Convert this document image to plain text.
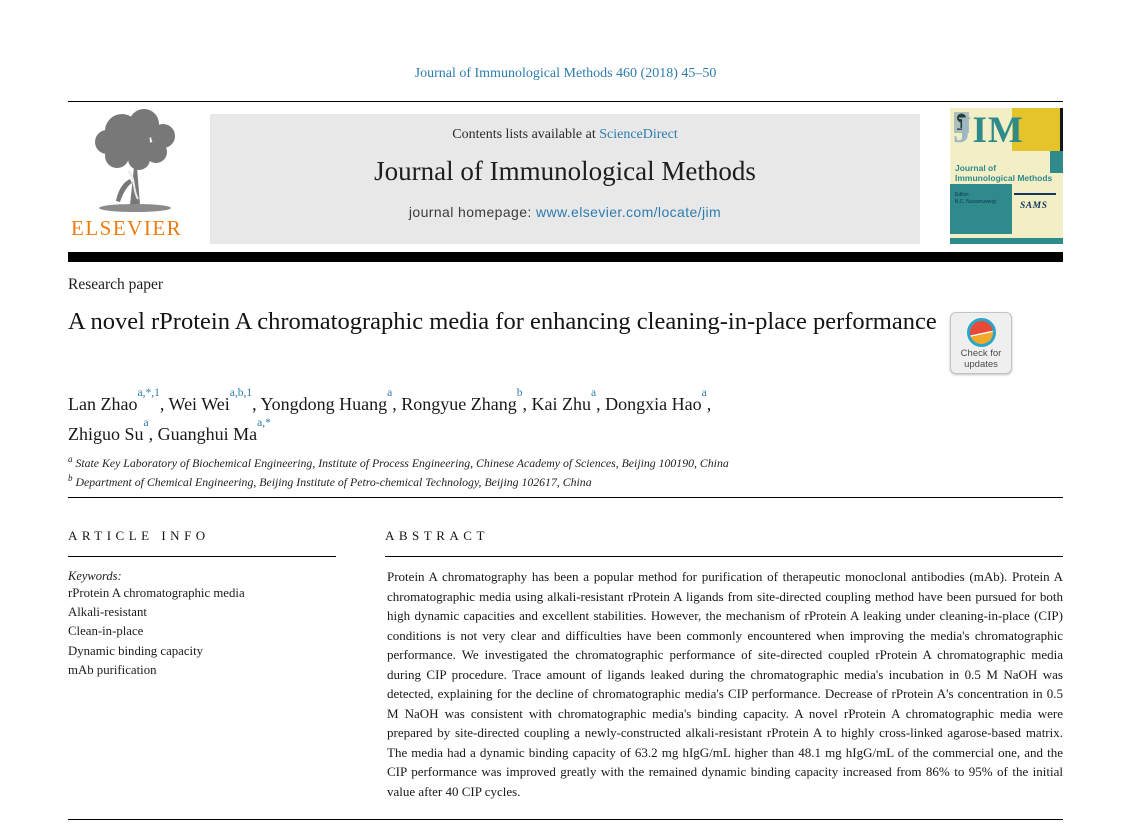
Journal of Immunological Methods 460 (2018) 45–50
ELSEVIER
Contents lists available at ScienceDirect
Journal of Immunological Methods
journal homepage: www.elsevier.com/locate/jim
JIM
Journal of
Immunological Methods
Editor:
B.C. Nussenzweig	SAMS
Research paper
A novel rProtein A chromatographic media for enhancing cleaning-in-place performance
Check for
updates
Lan Zhao$^{a,*,1}$, Wei Wei$^{a,b,1}$, Yongdong Huang$^a$, Rongyue Zhang$^b$, Kai Zhu$^a$, Dongxia Hao$^a$,
Zhiguo Su$^a$, Guanghui $Ma^{a,*}$
$^a$ State Key Laboratory of Biochemical Engineering, Institute of Process Engineering, Chinese Academy of Sciences, Beijing 100190, China
$^b$ Department of Chemical Engineering, Beijing Institute of Petro-chemical Technology, Beijing 102617, China
ARTICLE INFO
Keywords:
rProtein A chromatographic media
Alkali-resistant
Clean-in-place
Dynamic binding capacity
mAb purification
ABSTRACT

Protein A chromatography has been a popular method for purification of therapeutic monoclonal antibodies (mAb). Protein A chromatographic media using alkali-resistant rProtein A ligands from site-directed coupling method have been pursued for both high dynamic capacities and excellent stabilities. However, the mechanism of rProtein A leaking under cleaning-in-place (CIP) conditions is not very clear and difficulties have been commonly encountered when improving the media's chromatographic performance. We investigated the chromatographic performance of site-directed coupled rProtein A chromatographic media during CIP procedure. Trace amount of ligands leaked during the chromatographic media's incubation in 0.5 M NaOH was detected, explaining for the decline of chromatographic media's CIP performance. Decrease of rProtein A's concentration in 0.5 M NaOH was consistent with chromatographic media's binding capacity. A novel rProtein A chromatographic media were prepared by site-directed coupling a newly-constructed alkali-resistant rProtein A to highly cross-linked agarose-based matrix. The media had a dynamic binding capacity of 63.2 mg hIgG/mL higher than 48.1 mg hIgG/mL of the commercial one, and the CIP performance was improved greatly with the remained dynamic binding capacity increased from 86% to 95% of the initial value after 40 CIP cycles.
